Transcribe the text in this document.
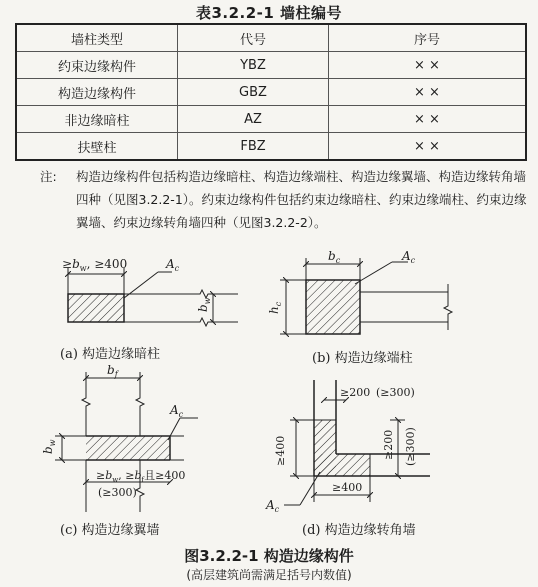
表3.2.2-1 墙柱编号
墙柱类型	代号	序号
约束边缘构件	YBZ	× ×
构造边缘构件	GBZ	× ×
非边缘暗柱	AZ	× ×
扶壁柱	FBZ	× ×
注: 构造边缘构件包括构造边缘暗柱、构造边缘端柱、构造边缘翼墙、构造边缘转角墙四种（见图3.2.2-1）。约束边缘构件包括约束边缘暗柱、约束边缘端柱、约束边缘翼墙、约束边缘转角墙四种（见图3.2.2-2）。
$\ge b_w$, ≥400	$A_c$
$b_w$
(a) 构造边缘暗柱
$b_c$	$A_c$
$h_c$
(b) 构造边缘端柱
$b_f$
$A_c$
$b_w$
$\ge b_w$, $\ge b_f$且≥400
(≥300)
(c) 构造边缘翼墙
≥200 (≥300)
≥400	≥200 (≥300)
≥400
$A_c$
(d) 构造边缘转角墙
图3.2.2-1 构造边缘构件
(高层建筑尚需满足括号内数值)
